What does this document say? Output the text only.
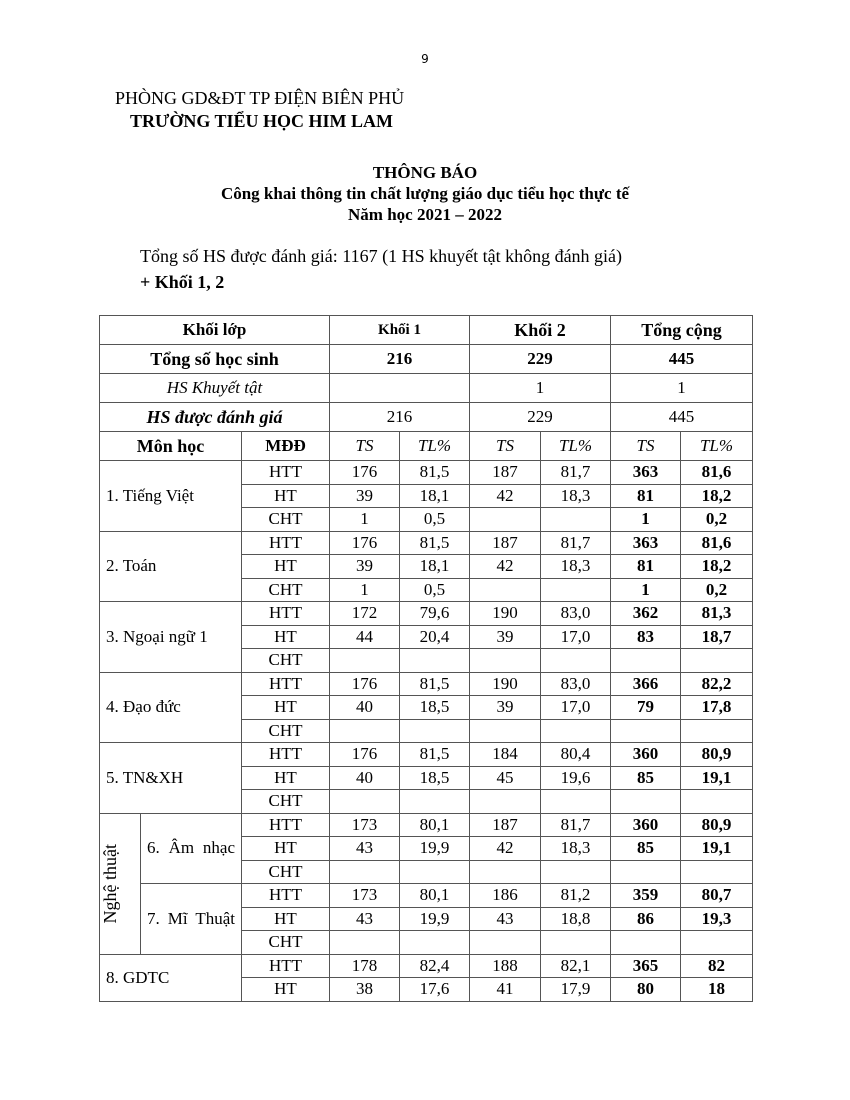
9
PHÒNG GD&ĐT TP ĐIỆN BIÊN PHỦ
TRƯỜNG TIỂU HỌC HIM LAM
THÔNG BÁO
Công khai thông tin chất lượng giáo dục tiểu học thực tế
Năm học 2021 – 2022
Tổng số HS được đánh giá: 1167 (1 HS khuyết tật không đánh giá)
+ Khối 1, 2
Khối lớp			Khối 1		Khối 2		Tổng cộng	
Tổng số học sinh			216		229		445	
HS Khuyết tật					1		1	
HS được đánh giá			216		229		445	
Môn học		MĐĐ	TS	TL%	TS	TL%	TS	TL%
1. Tiếng Việt		HTT	176	81,5	187	81,7	363	81,6
		HT	39	18,1	42	18,3	81	18,2
		CHT	1	0,5			1	0,2
2. Toán		HTT	176	81,5	187	81,7	363	81,6
		HT	39	18,1	42	18,3	81	18,2
		CHT	1	0,5			1	0,2
3. Ngoại ngữ 1		HTT	172	79,6	190	83,0	362	81,3
		HT	44	20,4	39	17,0	83	18,7
		CHT						
4. Đạo đức		HTT	176	81,5	190	83,0	366	82,2
		HT	40	18,5	39	17,0	79	17,8
		CHT						
5. TN&XH		HTT	176	81,5	184	80,4	360	80,9
		HT	40	18,5	45	19,6	85	19,1
		CHT						

Nghệ thuật	6. Âm nhạc	HTT	173	80,1	187	81,7	360	80,9
		HT	43	19,9	42	18,3	85	19,1
		CHT						
	7. Mĩ Thuật	HTT	173	80,1	186	81,2	359	80,7
		HT	43	19,9	43	18,8	86	19,3
		CHT						
8. GDTC		HTT	178	82,4	188	82,1	365	82
		HT	38	17,6	41	17,9	80	18
